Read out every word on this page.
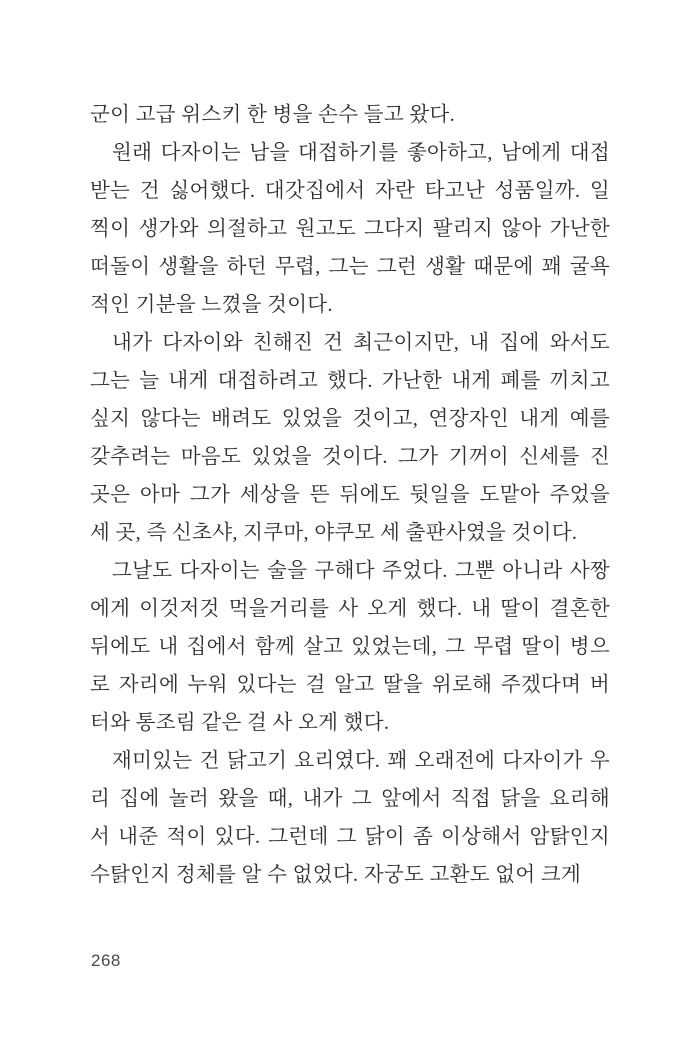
군이 고급 위스키 한 병을 손수 들고 왔다.
원래 다자이는 남을 대접하기를 좋아하고, 남에게 대접
받는 건 싫어했다. 대갓집에서 자란 타고난 성품일까. 일
찍이 생가와 의절하고 원고도 그다지 팔리지 않아 가난한
떠돌이 생활을 하던 무렵, 그는 그런 생활 때문에 꽤 굴욕
적인 기분을 느꼈을 것이다.
내가 다자이와 친해진 건 최근이지만, 내 집에 와서도
그는 늘 내게 대접하려고 했다. 가난한 내게 폐를 끼치고
싶지 않다는 배려도 있었을 것이고, 연장자인 내게 예를
갖추려는 마음도 있었을 것이다. 그가 기꺼이 신세를 진
곳은 아마 그가 세상을 뜬 뒤에도 뒷일을 도맡아 주었을
세 곳, 즉 신초샤, 지쿠마, 야쿠모 세 출판사였을 것이다.
그날도 다자이는 술을 구해다 주었다. 그뿐 아니라 사짱
에게 이것저것 먹을거리를 사 오게 했다. 내 딸이 결혼한
뒤에도 내 집에서 함께 살고 있었는데, 그 무렵 딸이 병으
로 자리에 누워 있다는 걸 알고 딸을 위로해 주겠다며 버
터와 통조림 같은 걸 사 오게 했다.
재미있는 건 닭고기 요리였다. 꽤 오래전에 다자이가 우
리 집에 놀러 왔을 때, 내가 그 앞에서 직접 닭을 요리해
서 내준 적이 있다. 그런데 그 닭이 좀 이상해서 암탉인지
수탉인지 정체를 알 수 없었다. 자궁도 고환도 없어 크게
268
